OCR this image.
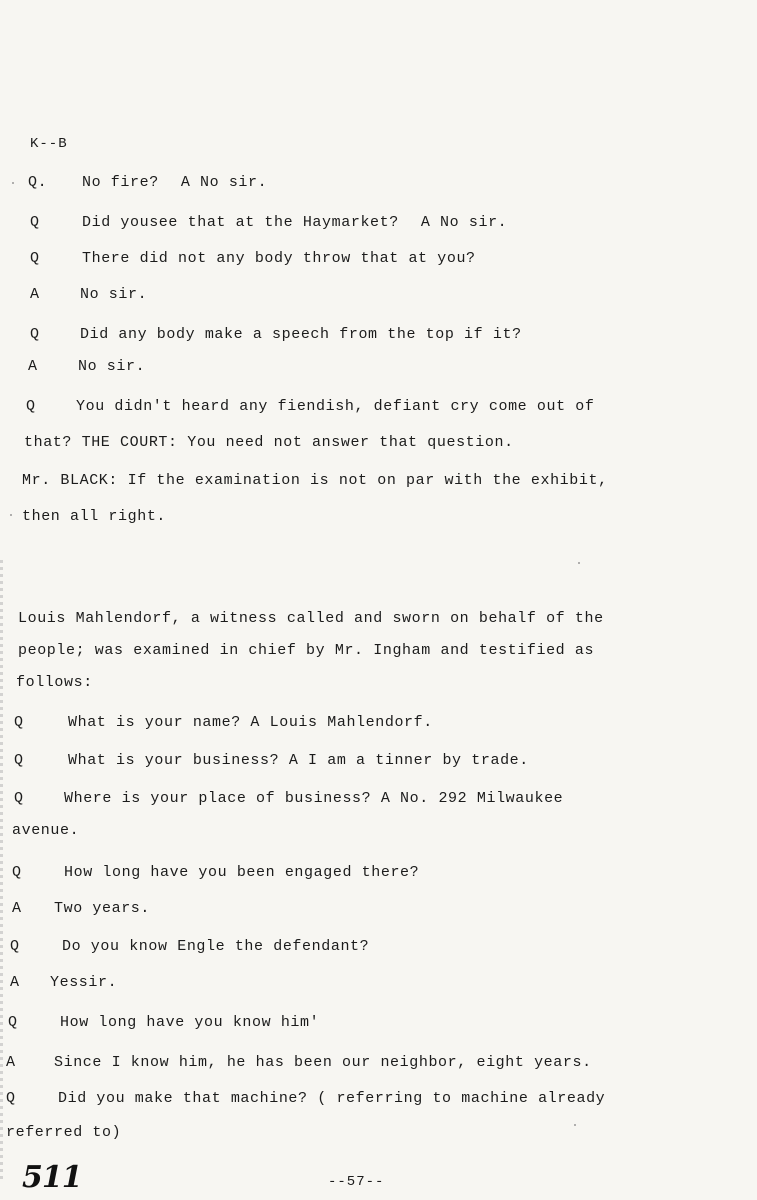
K--B
Q. No fire? A No sir.
Q	Did yousee that at the Haymarket? A No sir.
Q	There did not any body throw that at you?
A	No sir.
Q	Did any body make a speech from the top if it?
A	No sir.
Q	You didn't heard any fiendish, defiant cry come out of
that? THE COURT: You need not answer that question.
Mr. BLACK: If the examination is not on par with the exhibit,
then all right.
Louis Mahlendorf, a witness called and sworn on behalf of the
people; was examined in chief by Mr. Ingham and testified as
follows:
Q	What is your name? A Louis Mahlendorf.
Q	What is your business? A I am a tinner by trade.
Q	Where is your place of business? A No. 292 Milwaukee
avenue.
Q	How long have you been engaged there?
A Two years.
Q	Do you know Engle the defendant?
A Yessir.
Q	How long have you know him'
A	Since I know him, he has been our neighbor, eight years.
Q	Did you make that machine? ( referring to machine already
referred to)
511	--57--
